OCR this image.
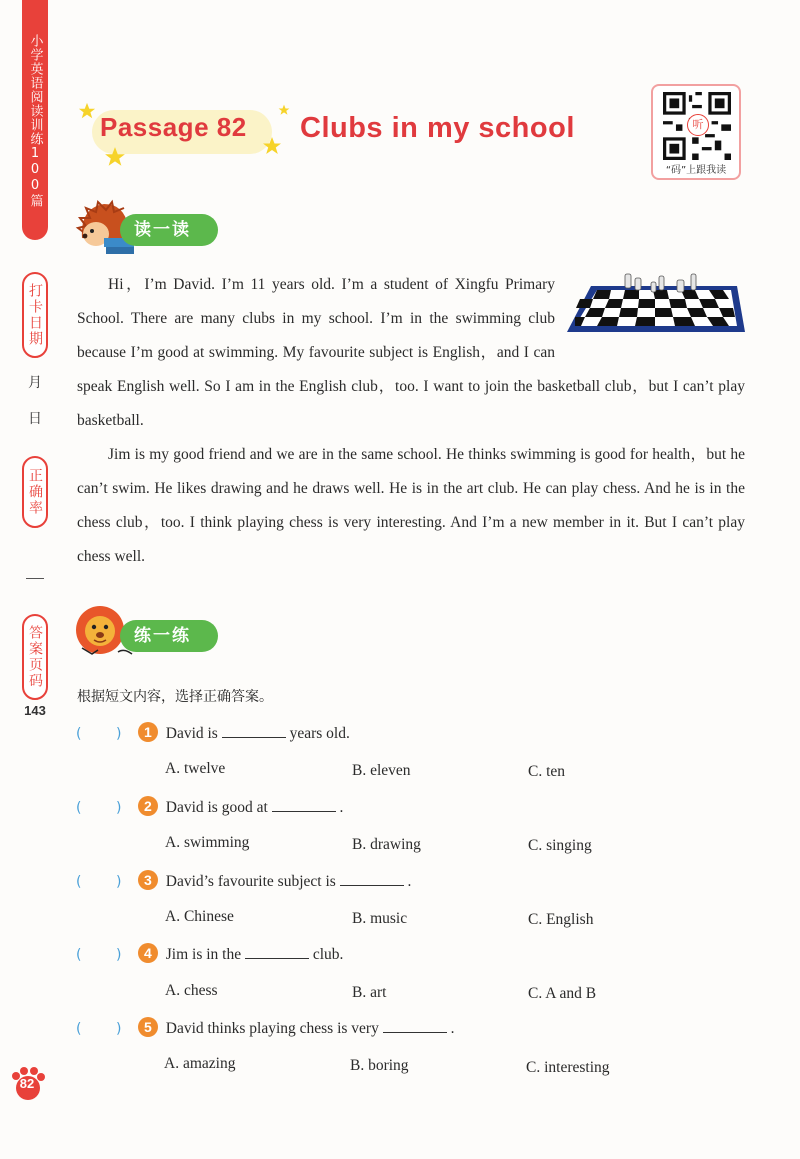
小学英语阅读训练100篇
打卡日期
月
日
正确率
答案页码
143
82
Passage 82 Clubs in my school	听
“码”上跟我读
读一读

Hi，I’m David. I’m 11 years old. I’m a student of Xingfu Primary School. There are many clubs in my school. I’m in the swimming club because I’m good at swimming. My favourite subject is English，and I can speak English well. So I am in the English club，too. I want to join the basketball club，but I can’t play basketball.

Jim is my good friend and we are in the same school. He thinks swimming is good for health，but he can’t swim. He likes drawing and he draws well. He is in the art club. He can play chess. And he is in the chess club，too. I think playing chess is very interesting. And I’m a new member in it. But I can’t play chess well.

练一练
根据短文内容，选择正确答案。
( ) 1 David is	years old.
A. twelve	B. eleven	C. ten
( ) 2 David is good at	.
A. swimming	B. drawing	C. singing
( ) 3 David’s favourite subject is	.
A. Chinese	B. music	C. English
( ) 4 Jim is in the	club.
A. chess	B. art	C. A and B
( ) 5 David thinks playing chess is very	.
A. amazing	B. boring	C. interesting
